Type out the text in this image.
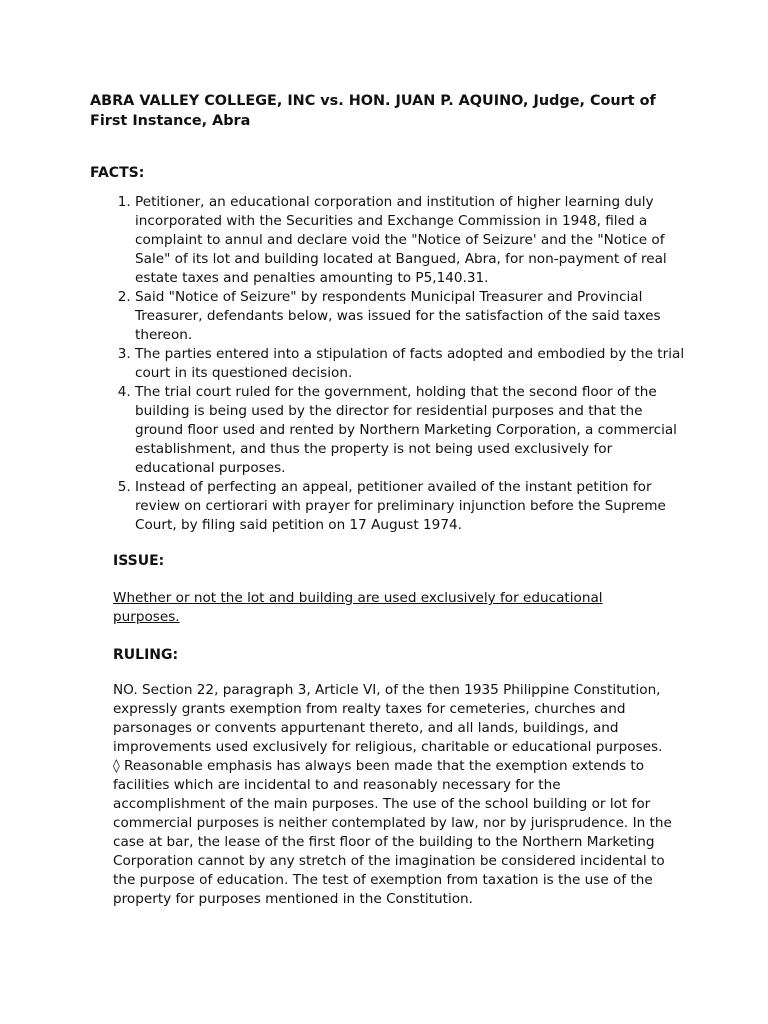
ABRA VALLEY COLLEGE, INC vs. HON. JUAN P. AQUINO, Judge, Court of First Instance, Abra
FACTS:
1. Petitioner, an educational corporation and institution of higher learning duly incorporated with the Securities and Exchange Commission in 1948, filed a complaint to annul and declare void the "Notice of Seizure' and the "Notice of Sale" of its lot and building located at Bangued, Abra, for non-payment of real estate taxes and penalties amounting to P5,140.31.
2. Said "Notice of Seizure" by respondents Municipal Treasurer and Provincial Treasurer, defendants below, was issued for the satisfaction of the said taxes thereon.
3. The parties entered into a stipulation of facts adopted and embodied by the trial court in its questioned decision.
4. The trial court ruled for the government, holding that the second floor of the building is being used by the director for residential purposes and that the ground floor used and rented by Northern Marketing Corporation, a commercial establishment, and thus the property is not being used exclusively for educational purposes.
5. Instead of perfecting an appeal, petitioner availed of the instant petition for review on certiorari with prayer for preliminary injunction before the Supreme Court, by filing said petition on 17 August 1974.
ISSUE:

Whether or not the lot and building are used exclusively for educational purposes.

RULING:

NO. Section 22, paragraph 3, Article VI, of the then 1935 Philippine Constitution, expressly grants exemption from realty taxes for cemeteries, churches and parsonages or convents appurtenant thereto, and all lands, buildings, and improvements used exclusively for religious, charitable or educational purposes. ◊ Reasonable emphasis has always been made that the exemption extends to facilities which are incidental to and reasonably necessary for the accomplishment of the main purposes. The use of the school building or lot for commercial purposes is neither contemplated by law, nor by jurisprudence. In the case at bar, the lease of the first floor of the building to the Northern Marketing Corporation cannot by any stretch of the imagination be considered incidental to the purpose of education. The test of exemption from taxation is the use of the property for purposes mentioned in the Constitution.
